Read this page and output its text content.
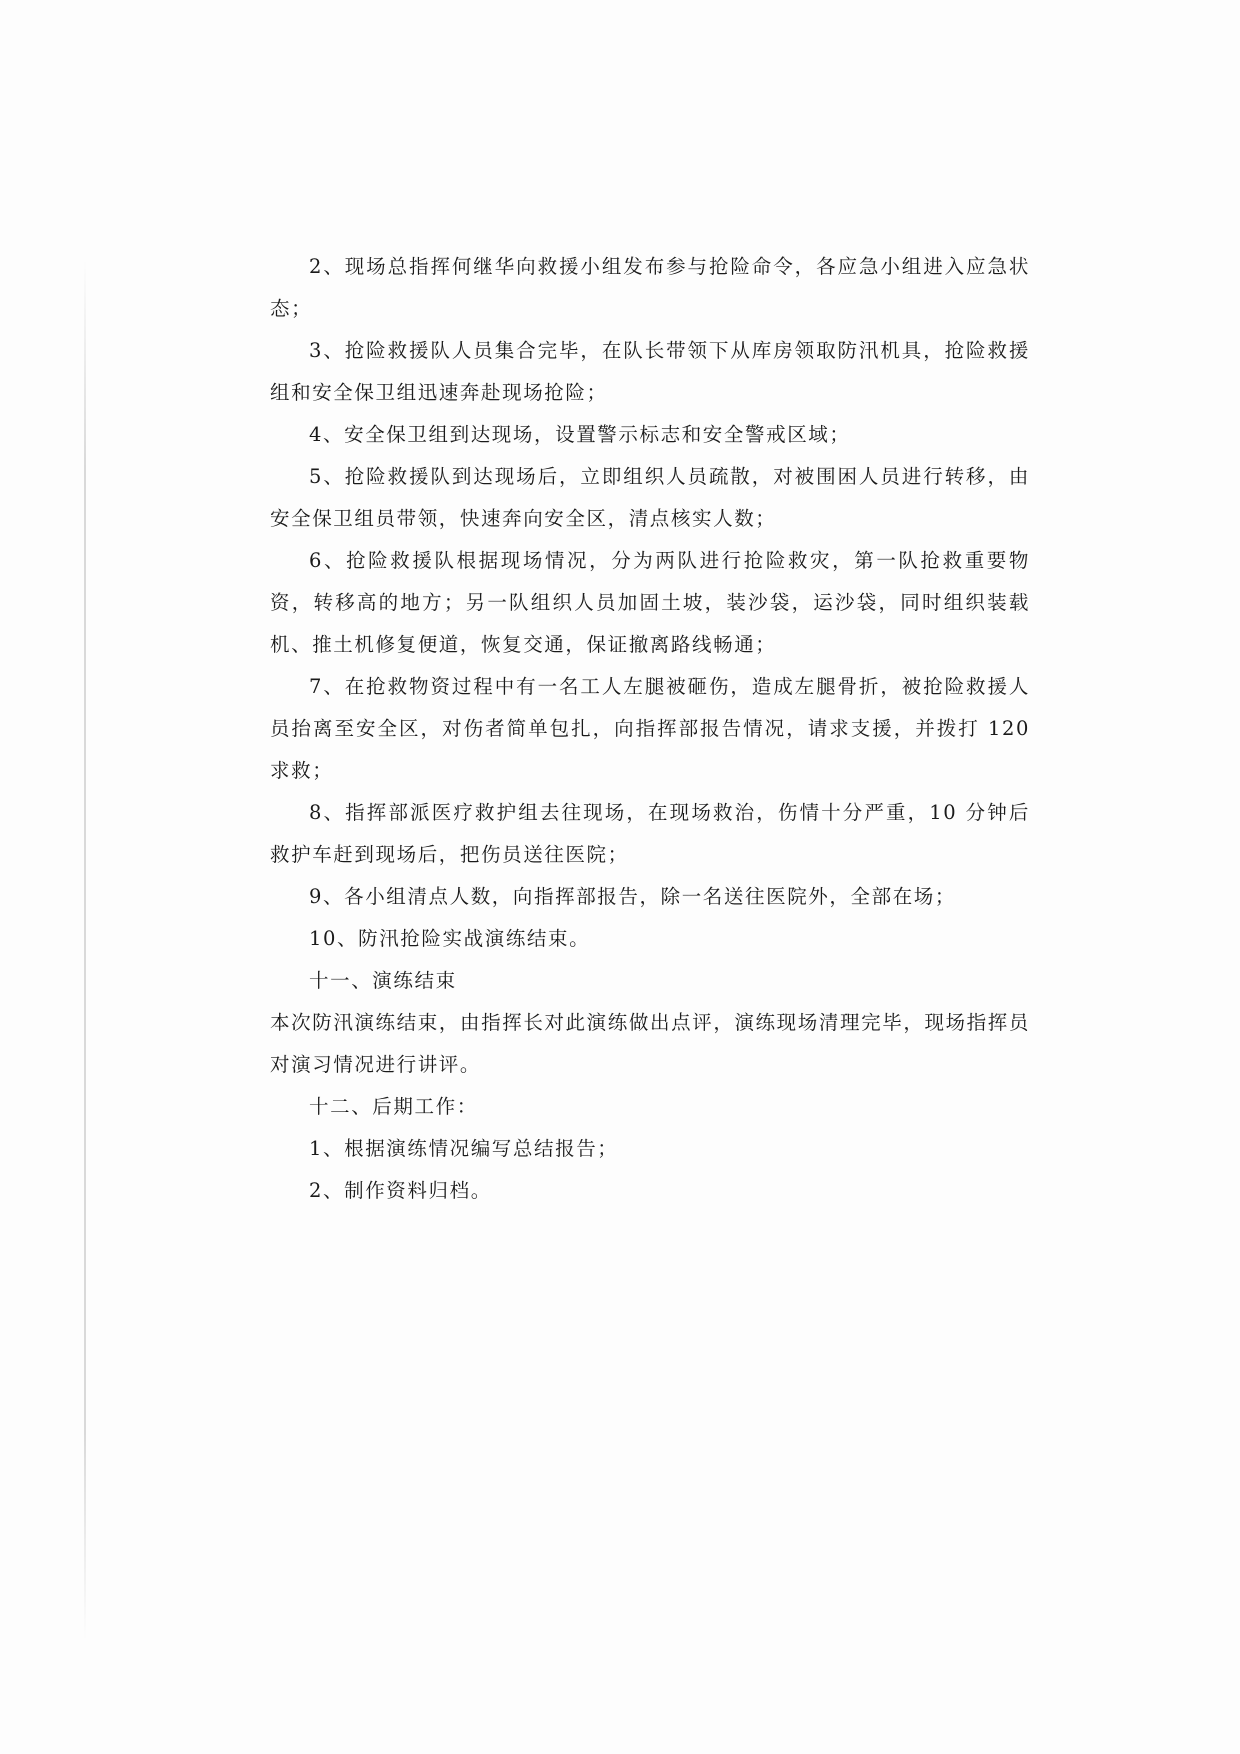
2、现场总指挥何继华向救援小组发布参与抢险命令，各应急小组进入应急状态；

3、抢险救援队人员集合完毕，在队长带领下从库房领取防汛机具，抢险救援组和安全保卫组迅速奔赴现场抢险；

4、安全保卫组到达现场，设置警示标志和安全警戒区域；

5、抢险救援队到达现场后，立即组织人员疏散，对被围困人员进行转移，由安全保卫组员带领，快速奔向安全区，清点核实人数；

6、抢险救援队根据现场情况，分为两队进行抢险救灾，第一队抢救重要物资，转移高的地方；另一队组织人员加固土坡，装沙袋，运沙袋，同时组织装载机、推土机修复便道，恢复交通，保证撤离路线畅通；

7、在抢救物资过程中有一名工人左腿被砸伤，造成左腿骨折，被抢险救援人员抬离至安全区，对伤者简单包扎，向指挥部报告情况，请求支援，并拨打 120 求救；

8、指挥部派医疗救护组去往现场，在现场救治，伤情十分严重，10 分钟后救护车赶到现场后，把伤员送往医院；

9、各小组清点人数，向指挥部报告，除一名送往医院外，全部在场；

10、防汛抢险实战演练结束。

十一、演练结束

本次防汛演练结束，由指挥长对此演练做出点评，演练现场清理完毕，现场指挥员对演习情况进行讲评。

十二、后期工作：

1、根据演练情况编写总结报告；

2、制作资料归档。
